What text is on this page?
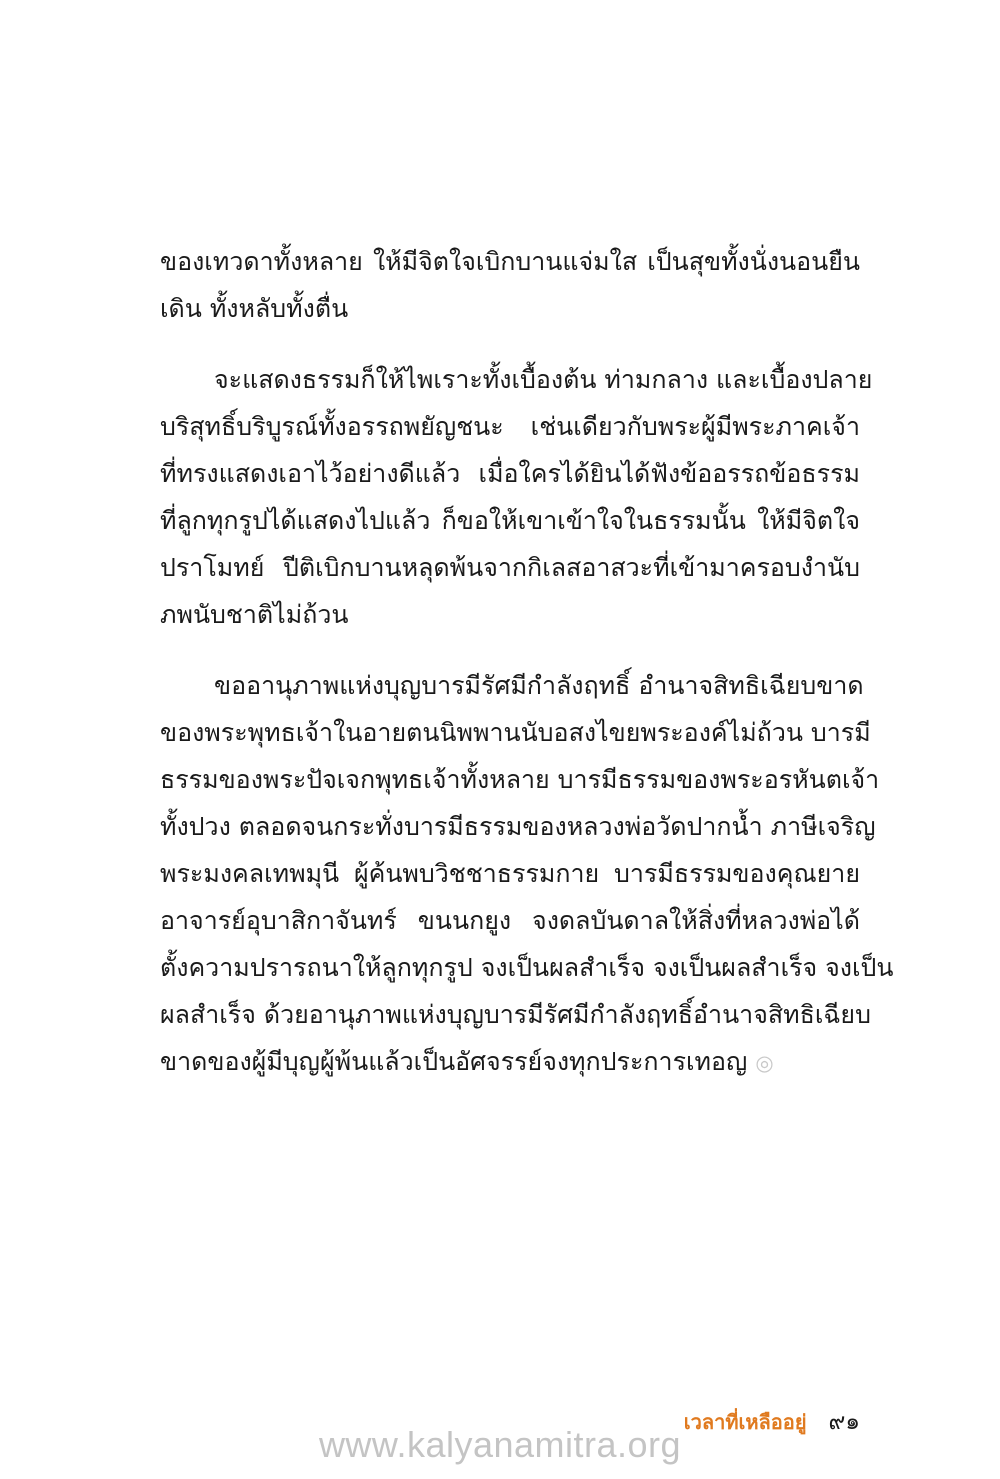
ของเทวดาทั้งหลาย ให้มีจิตใจเบิกบานแจ่มใส เป็นสุขทั้งนั่งนอนยืน
เดิน ทั้งหลับทั้งตื่น
จะแสดงธรรมก็ให้ไพเราะทั้งเบื้องต้น ท่ามกลาง และเบื้องปลาย
บริสุทธิ์บริบูรณ์ทั้งอรรถพยัญชนะ เช่นเดียวกับพระผู้มีพระภาคเจ้า
ที่ทรงแสดงเอาไว้อย่างดีแล้ว เมื่อใครได้ยินได้ฟังข้ออรรถข้อธรรม
ที่ลูกทุกรูปได้แสดงไปแล้ว ก็ขอให้เขาเข้าใจในธรรมนั้น ให้มีจิตใจ
ปราโมทย์ ปีติเบิกบานหลุดพ้นจากกิเลสอาสวะที่เข้ามาครอบงำนับ
ภพนับชาติไม่ถ้วน
ขออานุภาพแห่งบุญบารมีรัศมีกำลังฤทธิ์ อำนาจสิทธิเฉียบขาด
ของพระพุทธเจ้าในอายตนนิพพานนับอสงไขยพระองค์ไม่ถ้วน บารมี
ธรรมของพระปัจเจกพุทธเจ้าทั้งหลาย บารมีธรรมของพระอรหันตเจ้า
ทั้งปวง ตลอดจนกระทั่งบารมีธรรมของหลวงพ่อวัดปากน้ำ ภาษีเจริญ
พระมงคลเทพมุนี ผู้ค้นพบวิชชาธรรมกาย บารมีธรรมของคุณยาย
อาจารย์อุบาสิกาจันทร์ ขนนกยูง จงดลบันดาลให้สิ่งที่หลวงพ่อได้
ตั้งความปรารถนาให้ลูกทุกรูป จงเป็นผลสำเร็จ จงเป็นผลสำเร็จ จงเป็น
ผลสำเร็จ ด้วยอานุภาพแห่งบุญบารมีรัศมีกำลังฤทธิ์อำนาจสิทธิเฉียบ
ขาดของผู้มีบุญผู้พ้นแล้วเป็นอัศจรรย์จงทุกประการเทอญ ◎
เวลาที่เหลืออยู่ ๙๑
www.kalyanamitra.org
